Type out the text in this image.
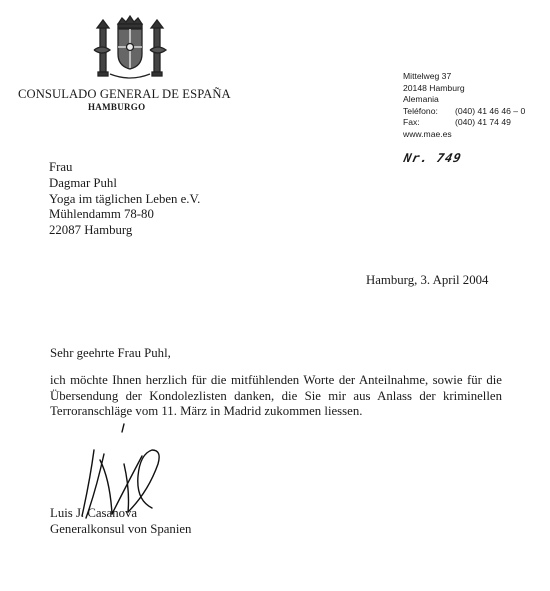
CONSULADO GENERAL DE ESPAÑA
HAMBURGO
Mittelweg 37
20148 Hamburg
Alemania
Teléfono: (040) 41 46 46 – 0
Fax:	(040) 41 74 49
www.mae.es
Nr. 749
Frau
Dagmar Puhl
Yoga im täglichen Leben e.V.
Mühlendamm 78-80
22087 Hamburg
Hamburg, 3. April 2004
Sehr geehrte Frau Puhl,

ich möchte Ihnen herzlich für die mitfühlenden Worte der Anteilnahme, sowie für die

Übersendung der Kondolezlisten danken, die Sie mir aus Anlass der kriminellen

Terroranschläge vom 11. März in Madrid zukommen liessen.

Luis J. Casanova
Generalkonsul von Spanien
